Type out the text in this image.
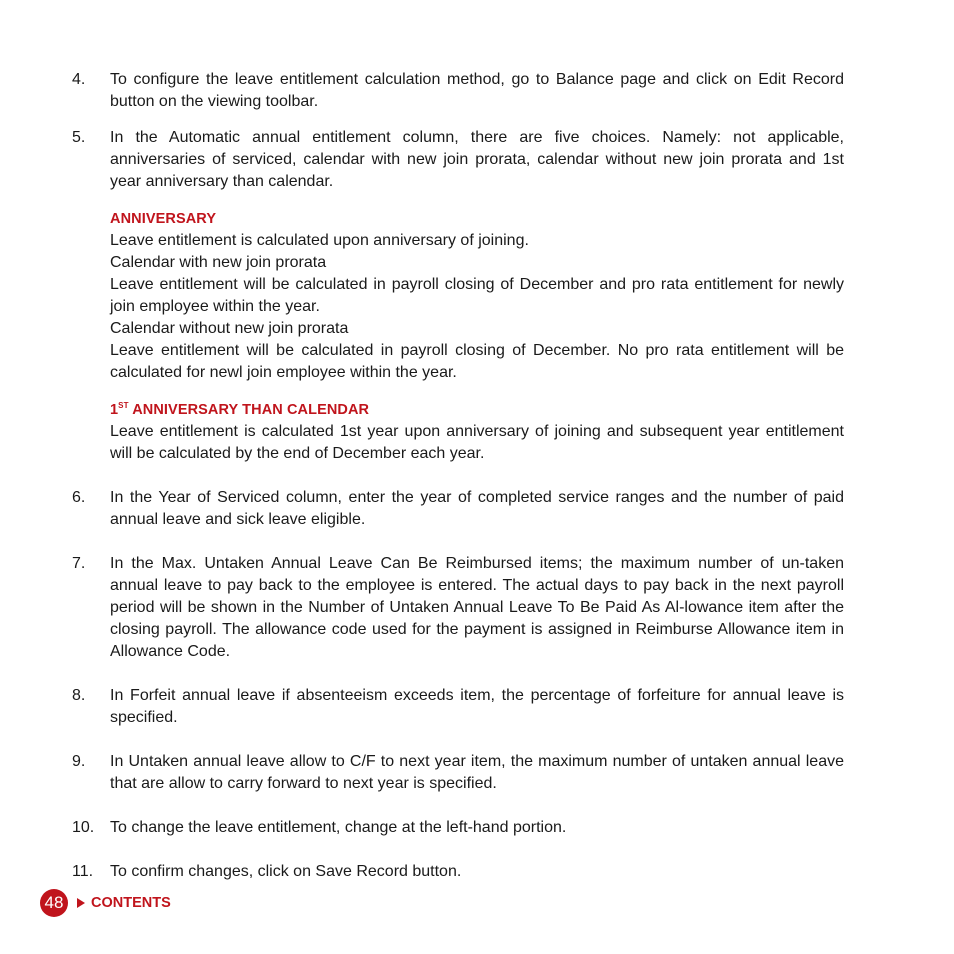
4.	To configure the leave entitlement calculation method, go to Balance page and click on Edit Record button on the viewing toolbar.
5.	In the Automatic annual entitlement column, there are five choices. Namely: not applicable, anniversaries of serviced, calendar with new join prorata, calendar without new join prorata and 1st year anniversary than calendar.
ANNIVERSARY
Leave entitlement is calculated upon anniversary of joining.
Calendar with new join prorata
Leave entitlement will be calculated in payroll closing of December and pro rata entitlement for newly join employee within the year.
Calendar without new join prorata
Leave entitlement will be calculated in payroll closing of December. No pro rata entitlement will be calculated for newl join employee within the year.
1ST ANNIVERSARY THAN CALENDAR
Leave entitlement is calculated 1st year upon anniversary of joining and subsequent year entitlement will be calculated by the end of December each year.
6.	In the Year of Serviced column, enter the year of completed service ranges and the number of paid annual leave and sick leave eligible.
7.	In the Max. Untaken Annual Leave Can Be Reimbursed items; the maximum number of un-taken annual leave to pay back to the employee is entered. The actual days to pay back in the next payroll period will be shown in the Number of Untaken Annual Leave To Be Paid As Al-lowance item after the closing payroll. The allowance code used for the payment is assigned in Reimburse Allowance item in Allowance Code.
8.	In Forfeit annual leave if absenteeism exceeds item, the percentage of forfeiture for annual leave is specified.
9.	In Untaken annual leave allow to C/F to next year item, the maximum number of untaken annual leave that are allow to carry forward to next year is specified.
10. To change the leave entitlement, change at the left-hand portion.
11.	To confirm changes, click on Save Record button.
48	CONTENTS
